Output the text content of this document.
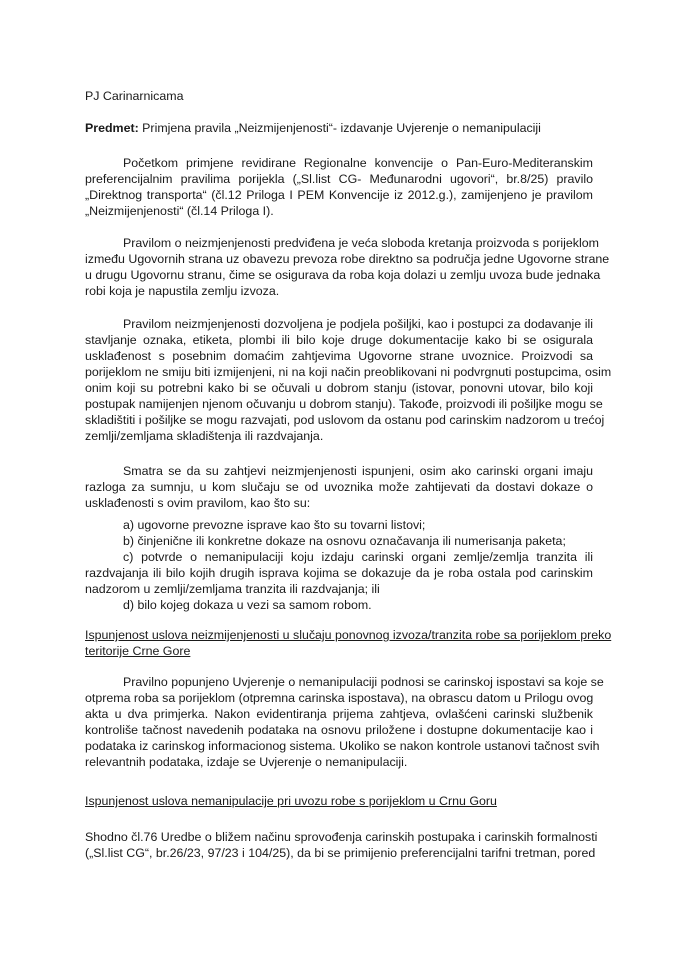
PJ Carinarnicama
Predmet: Primjena pravila „Neizmijenjenosti“- izdavanje Uvjerenje o nemanipulaciji
Početkom primjene revidirane Regionalne konvencije o Pan-Euro-Mediteranskim
preferencijalnim pravilima porijekla („Sl.list CG- Međunarodni ugovori“, br.8/25) pravilo
„Direktnog transporta“ (čl.12 Priloga I PEM Konvencije iz 2012.g.), zamijenjeno je pravilom
„Neizmijenjenosti“ (čl.14 Priloga I).
Pravilom o neizmjenjenosti predviđena je veća sloboda kretanja proizvoda s porijeklom
između Ugovornih strana uz obavezu prevoza robe direktno sa područja jedne Ugovorne strane
u drugu Ugovornu stranu, čime se osigurava da roba koja dolazi u zemlju uvoza bude jednaka
robi koja je napustila zemlju izvoza.
Pravilom neizmjenjenosti dozvoljena je podjela pošiljki, kao i postupci za dodavanje ili
stavljanje oznaka, etiketa, plombi ili bilo koje druge dokumentacije kako bi se osigurala
usklađenost s posebnim domaćim zahtjevima Ugovorne strane uvoznice. Proizvodi sa
porijeklom ne smiju biti izmijenjeni, ni na koji način preoblikovani ni podvrgnuti postupcima, osim
onim koji su potrebni kako bi se očuvali u dobrom stanju (istovar, ponovni utovar, bilo koji
postupak namijenjen njenom očuvanju u dobrom stanju). Takođe, proizvodi ili pošiljke mogu se
skladištiti i pošiljke se mogu razvajati, pod uslovom da ostanu pod carinskim nadzorom u trećoj
zemlji/zemljama skladištenja ili razdvajanja.
Smatra se da su zahtjevi neizmjenjenosti ispunjeni, osim ako carinski organi imaju
razloga za sumnju, u kom slučaju se od uvoznika može zahtijevati da dostavi dokaze o
usklađenosti s ovim pravilom, kao što su:
a) ugovorne prevozne isprave kao što su tovarni listovi;
b) činjenične ili konkretne dokaze na osnovu označavanja ili numerisanja paketa;
c) potvrde o nemanipulaciji koju izdaju carinski organi zemlje/zemlja tranzita ili
razdvajanja ili bilo kojih drugih isprava kojima se dokazuje da je roba ostala pod carinskim
nadzorom u zemlji/zemljama tranzita ili razdvajanja; ili
d) bilo kojeg dokaza u vezi sa samom robom.
Ispunjenost uslova neizmijenjenosti u slučaju ponovnog izvoza/tranzita robe sa porijeklom preko
teritorije Crne Gore
Pravilno popunjeno Uvjerenje o nemanipulaciji podnosi se carinskoj ispostavi sa koje se
otprema roba sa porijeklom (otpremna carinska ispostava), na obrascu datom u Prilogu ovog
akta u dva primjerka. Nakon evidentiranja prijema zahtjeva, ovlašćeni carinski službenik
kontroliše tačnost navedenih podataka na osnovu priložene i dostupne dokumentacije kao i
podataka iz carinskog informacionog sistema. Ukoliko se nakon kontrole ustanovi tačnost svih
relevantnih podataka, izdaje se Uvjerenje o nemanipulaciji.
Ispunjenost uslova nemanipulacije pri uvozu robe s porijeklom u Crnu Goru
Shodno čl.76 Uredbe o bližem načinu sprovođenja carinskih postupaka i carinskih formalnosti
(„Sl.list CG“, br.26/23, 97/23 i 104/25), da bi se primijenio preferencijalni tarifni tretman, pored
